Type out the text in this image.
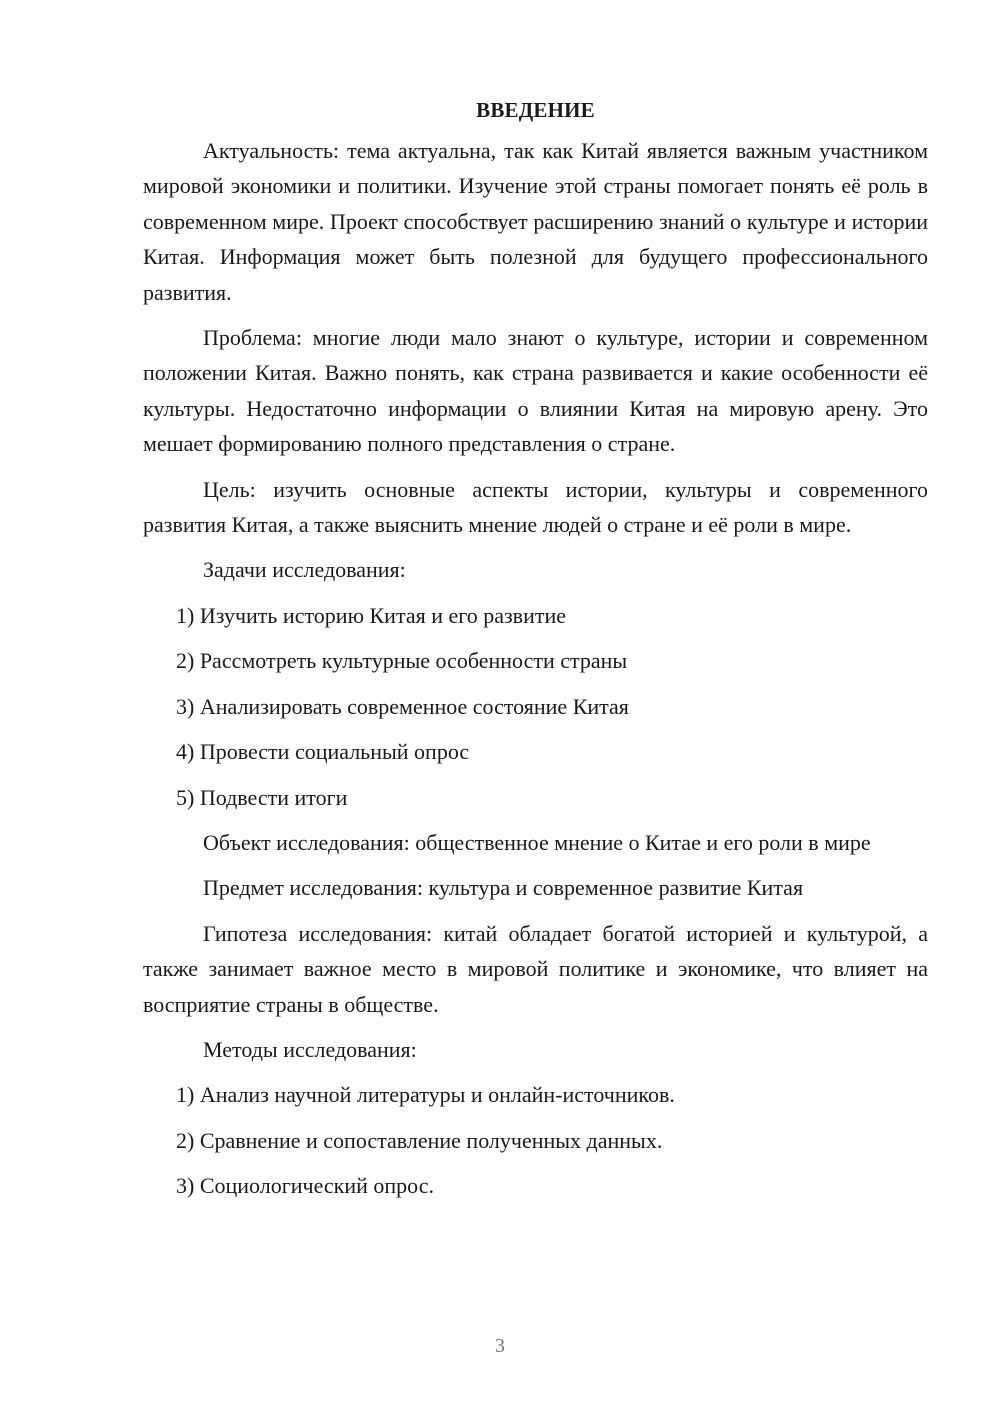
ВВЕДЕНИЕ

Актуальность: тема актуальна, так как Китай является важным участником мировой экономики и политики. Изучение этой страны помогает понять её роль в современном мире. Проект способствует расширению знаний о культуре и истории Китая. Информация может быть полезной для будущего профессионального развития.

Проблема: многие люди мало знают о культуре, истории и современном положении Китая. Важно понять, как страна развивается и какие особенности её культуры. Недостаточно информации о влиянии Китая на мировую арену. Это мешает формированию полного представления о стране.

Цель: изучить основные аспекты истории, культуры и современного развития Китая, а также выяснить мнение людей о стране и её роли в мире.

Задачи исследования:

1) Изучить историю Китая и его развитие

2) Рассмотреть культурные особенности страны

3) Анализировать современное состояние Китая

4) Провести социальный опрос

5) Подвести итоги

Объект исследования: общественное мнение о Китае и его роли в мире

Предмет исследования: культура и современное развитие Китая

Гипотеза исследования: китай обладает богатой историей и культурой, а также занимает важное место в мировой политике и экономике, что влияет на восприятие страны в обществе.

Методы исследования:

1) Анализ научной литературы и онлайн-источников.

2) Сравнение и сопоставление полученных данных.

3) Социологический опрос.

3
